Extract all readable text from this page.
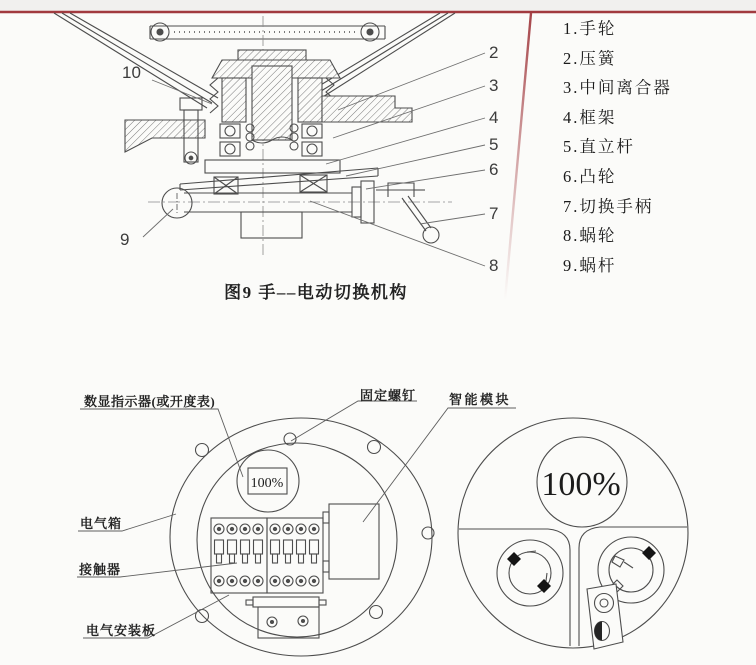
100%	100%
2
3
4
5
6
7
8
9
10
图9 手––电动切换机构
1.手轮
2.压簧
3.中间离合器
4.框架
5.直立杆
6.凸轮
7.切换手柄
8.蜗轮
9.蜗杆
数显指示器(或开度表)	固定螺钉	智能模块
电气箱
接触器
电气安装板
